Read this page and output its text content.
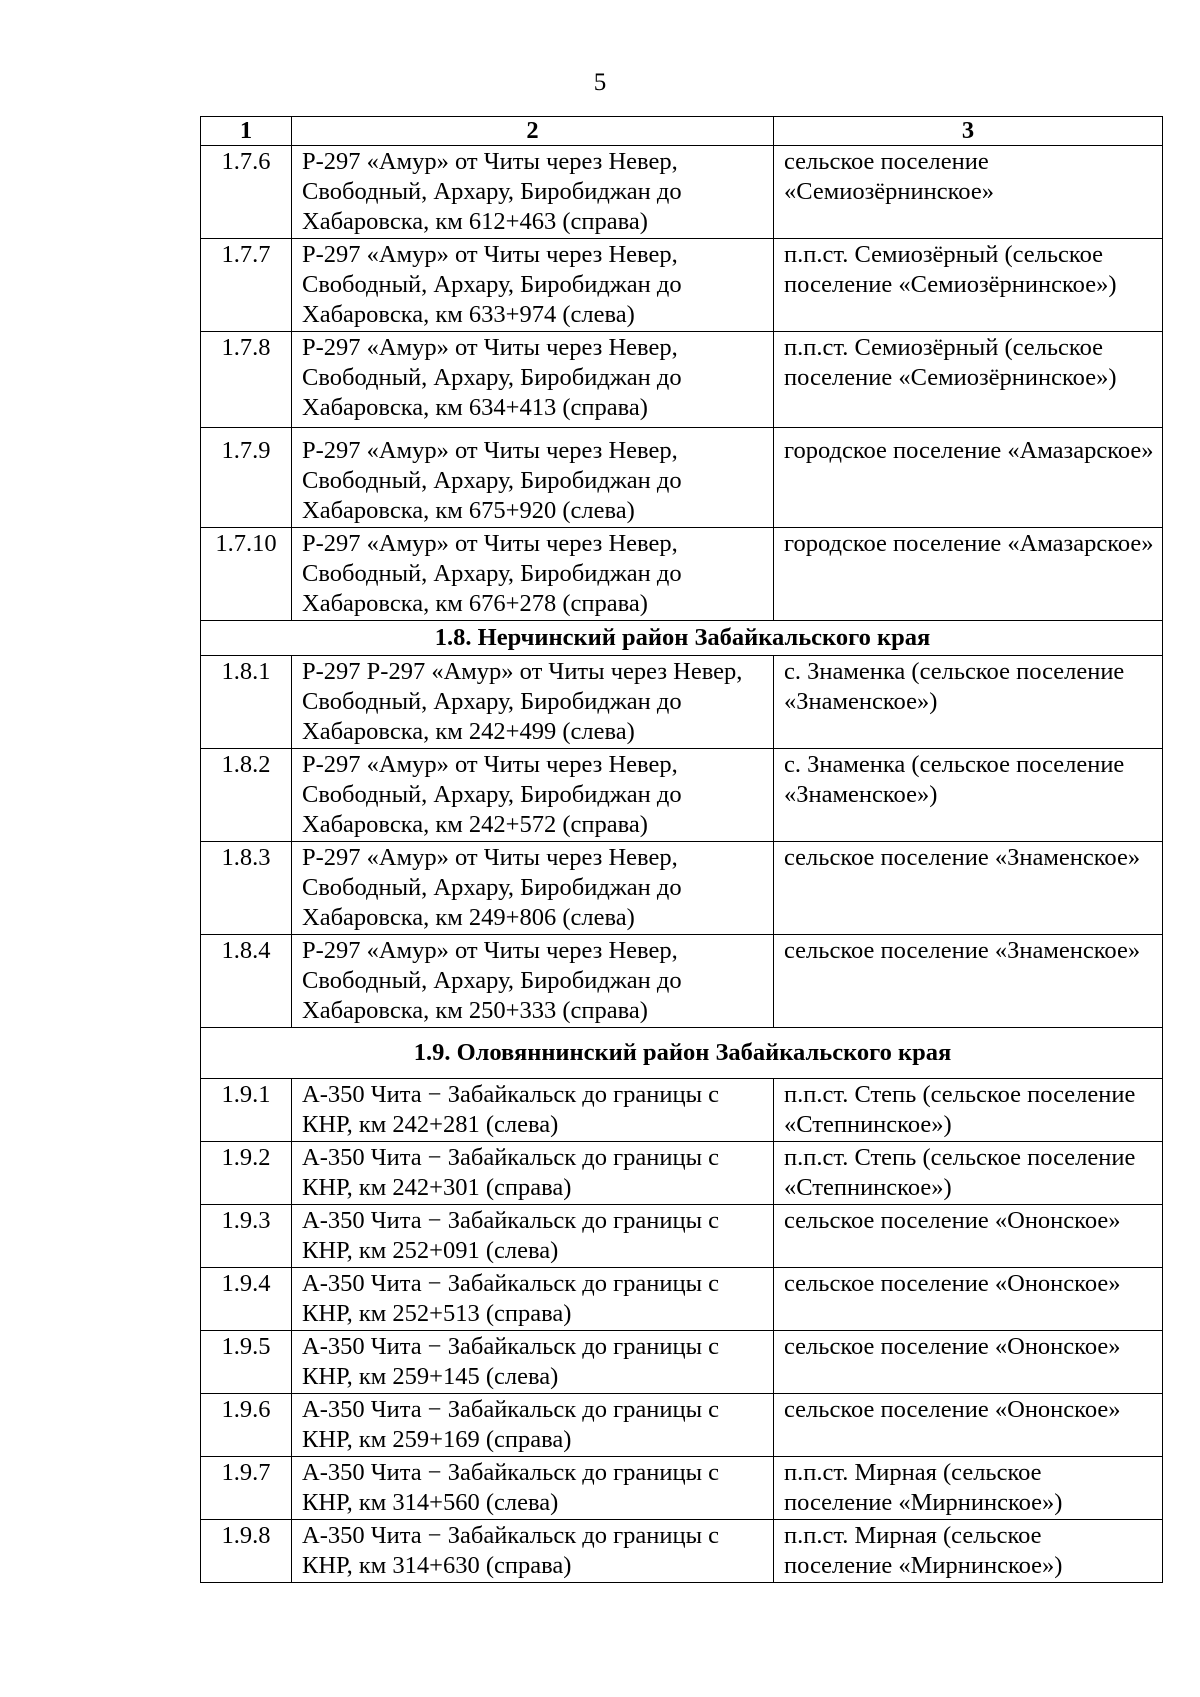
5
1	2	3
1.7.6	Р-297 «Амур» от Читы через Невер, Свободный, Архару, Биробиджан до Хабаровска, км 612+463 (справа)	сельское поселение «Семиозёрнинское»
1.7.7	Р-297 «Амур» от Читы через Невер, Свободный, Архару, Биробиджан до Хабаровска, км 633+974 (слева)	п.п.ст. Семиозёрный (сельское поселение «Семиозёрнинское»)
1.7.8	Р-297 «Амур» от Читы через Невер, Свободный, Архару, Биробиджан до Хабаровска, км 634+413 (справа)	п.п.ст. Семиозёрный (сельское поселение «Семиозёрнинское»)
1.7.9	Р-297 «Амур» от Читы через Невер, Свободный, Архару, Биробиджан до Хабаровска, км 675+920 (слева)	городское поселение «Амазарское»
1.7.10	Р-297 «Амур» от Читы через Невер, Свободный, Архару, Биробиджан до Хабаровска, км 676+278 (справа)	городское поселение «Амазарское»
1.8. Нерчинский район Забайкальского края		
1.8.1	Р-297 Р-297 «Амур» от Читы через Невер, Свободный, Архару, Биробиджан до Хабаровска, км 242+499 (слева)	с. Знаменка (сельское поселение «Знаменское»)
1.8.2	Р-297 «Амур» от Читы через Невер, Свободный, Архару, Биробиджан до Хабаровска, км 242+572 (справа)	с. Знаменка (сельское поселение «Знаменское»)
1.8.3	Р-297 «Амур» от Читы через Невер, Свободный, Архару, Биробиджан до Хабаровска, км 249+806 (слева)	сельское поселение «Знаменское»
1.8.4	Р-297 «Амур» от Читы через Невер, Свободный, Архару, Биробиджан до Хабаровска, км 250+333 (справа)	сельское поселение «Знаменское»
1.9. Оловяннинский район Забайкальского края		
1.9.1	А-350 Чита − Забайкальск до границы с КНР, км 242+281 (слева)	п.п.ст. Степь (сельское поселение «Степнинское»)
1.9.2	А-350 Чита − Забайкальск до границы с КНР, км 242+301 (справа)	п.п.ст. Степь (сельское поселение «Степнинское»)
1.9.3	А-350 Чита − Забайкальск до границы с КНР, км 252+091 (слева)	сельское поселение «Ононское»
1.9.4	А-350 Чита − Забайкальск до границы с КНР, км 252+513 (справа)	сельское поселение «Ононское»
1.9.5	А-350 Чита − Забайкальск до границы с КНР, км 259+145 (слева)	сельское поселение «Ононское»
1.9.6	А-350 Чита − Забайкальск до границы с КНР, км 259+169 (справа)	сельское поселение «Ононское»
1.9.7	А-350 Чита − Забайкальск до границы с КНР, км 314+560 (слева)	п.п.ст. Мирная (сельское поселение «Мирнинское»)
1.9.8	А-350 Чита − Забайкальск до границы с КНР, км 314+630 (справа)	п.п.ст. Мирная (сельское поселение «Мирнинское»)
